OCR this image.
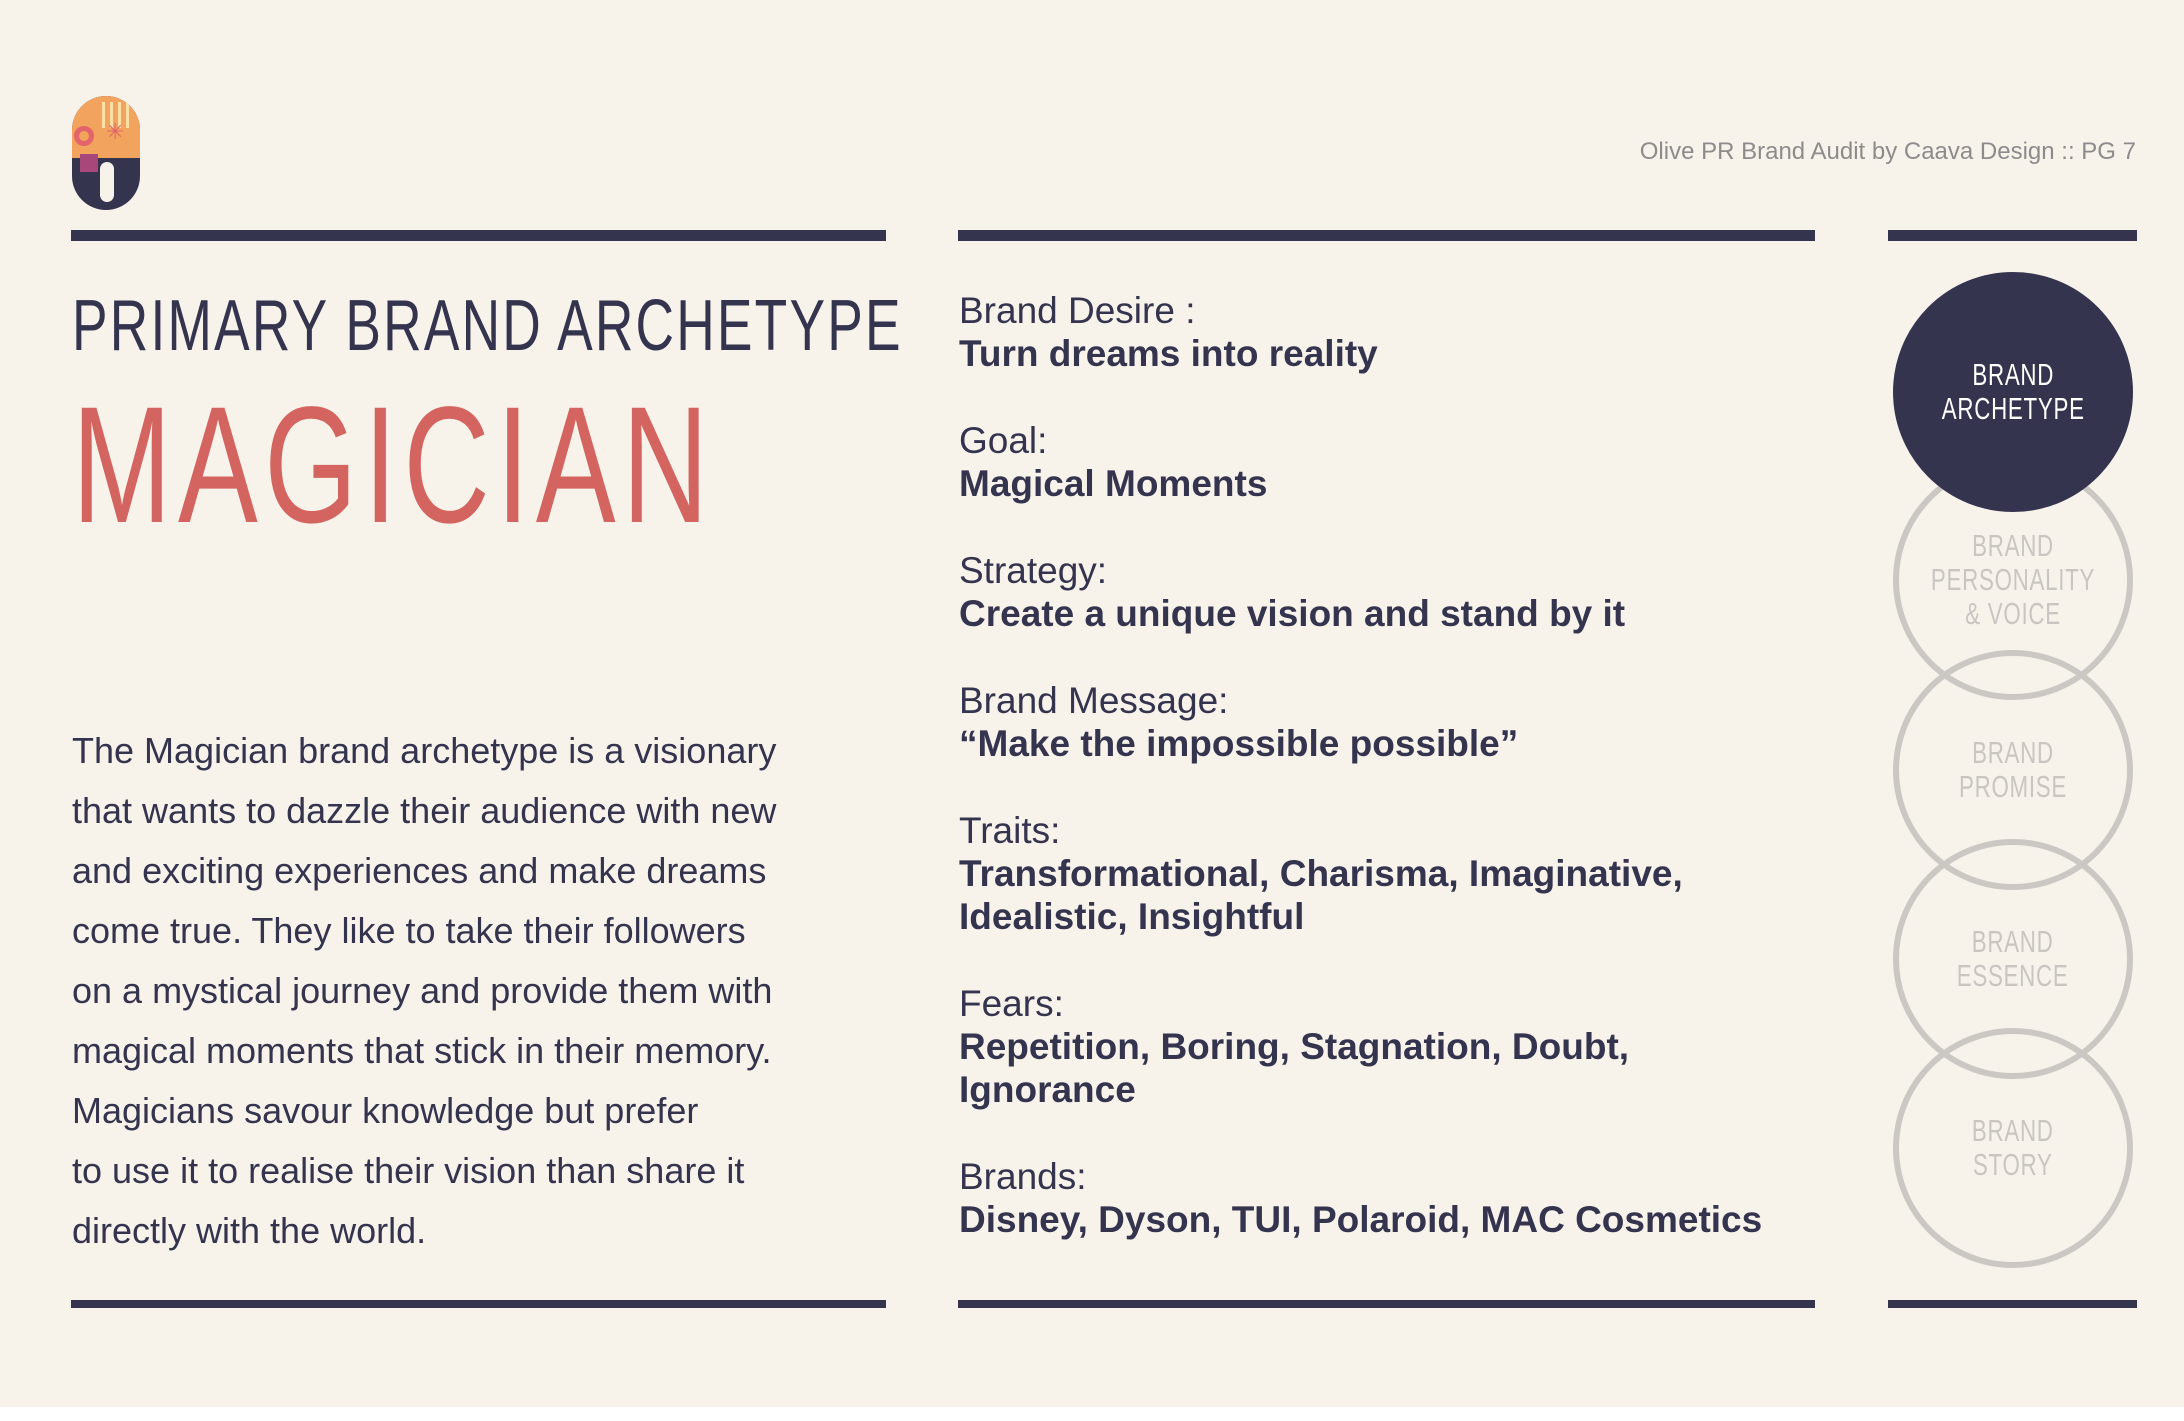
✳
Olive PR Brand Audit by Caava Design :: PG 7
PRIMARY BRAND ARCHETYPE
MAGICIAN
The Magician brand archetype is a visionary
that wants to dazzle their audience with new
and exciting experiences and make dreams
come true. They like to take their followers
on a mystical journey and provide them with
magical moments that stick in their memory.
Magicians savour knowledge but prefer
to use it to realise their vision than share it
directly with the world.
Brand Desire :
Turn dreams into reality
Goal:
Magical Moments
Strategy:
Create a unique vision and stand by it
Brand Message:
“Make the impossible possible”
Traits:
Transformational, Charisma, Imaginative,
Idealistic, Insightful
Fears:
Repetition, Boring, Stagnation, Doubt,
Ignorance
Brands:
Disney, Dyson, TUI, Polaroid, MAC Cosmetics
BRAND
ARCHETYPE
BRAND
PERSONALITY
& VOICE
BRAND
PROMISE
BRAND
ESSENCE
BRAND
STORY
